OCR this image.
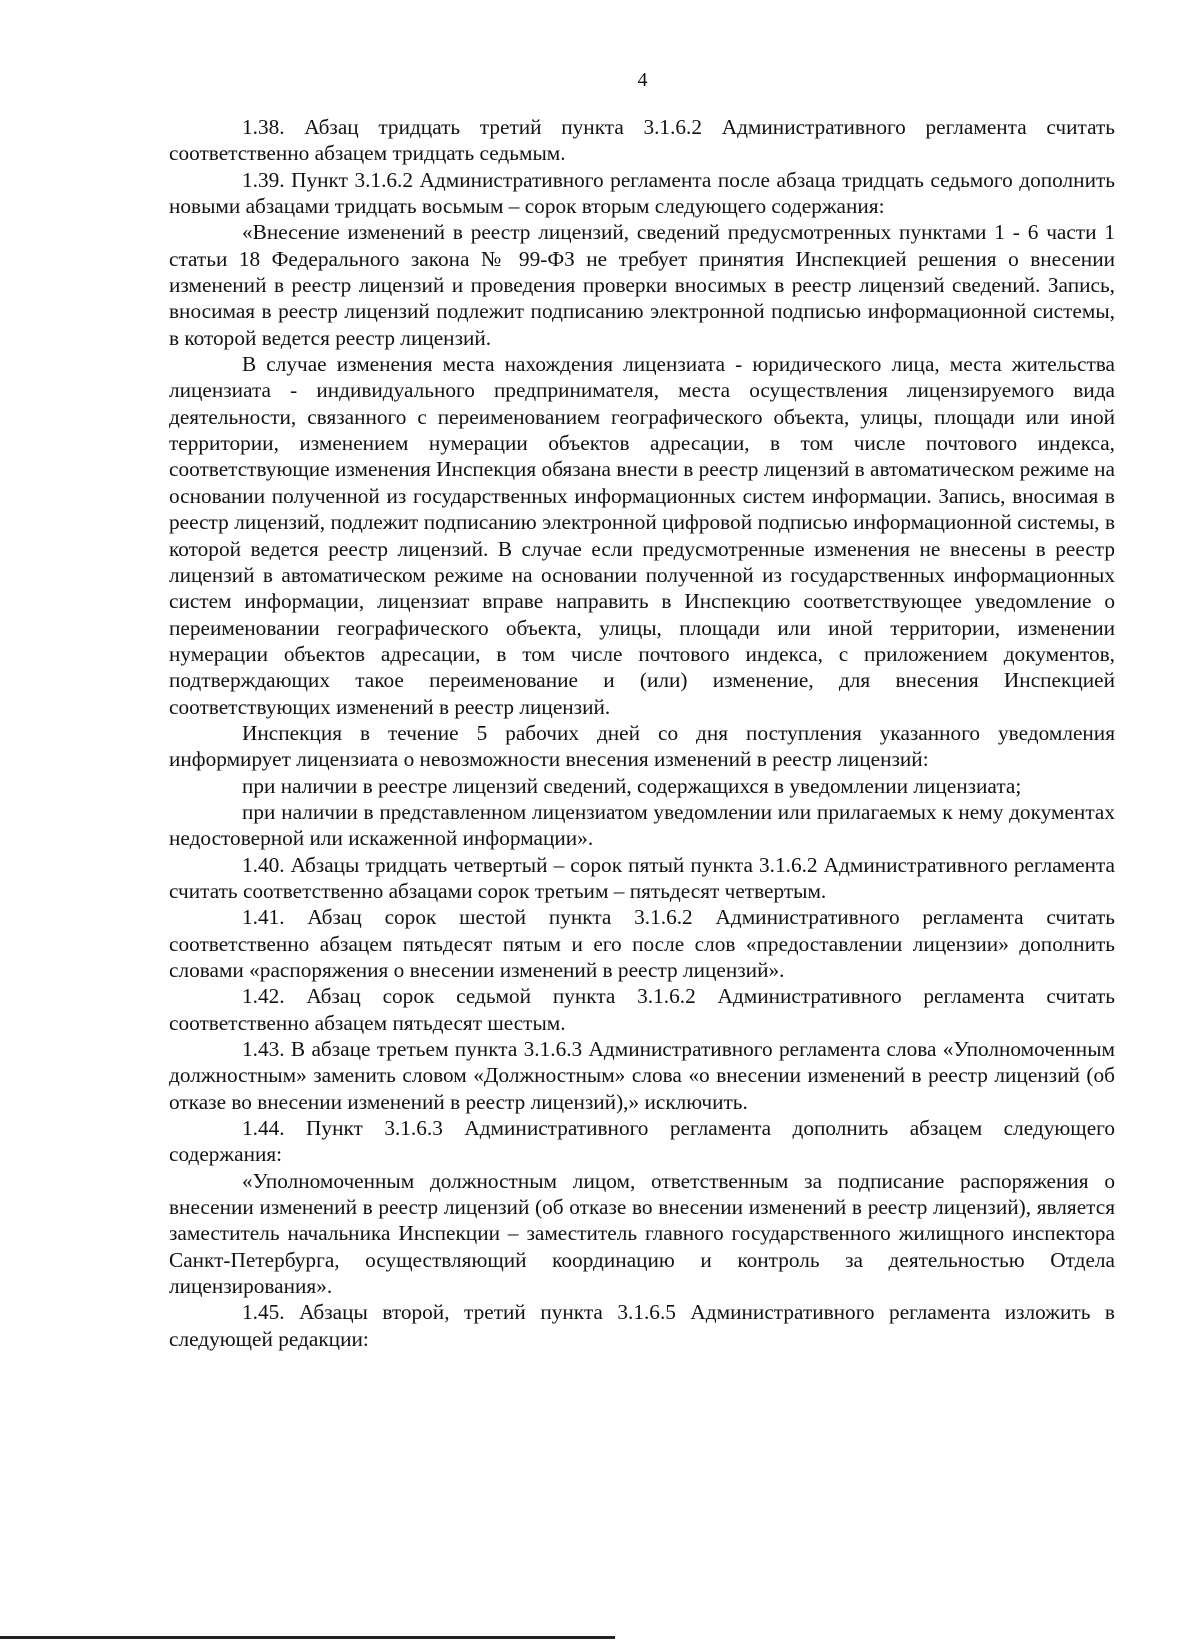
4

1.38. Абзац тридцать третий пункта 3.1.6.2 Административного регламента считать соответственно абзацем тридцать седьмым.

1.39. Пункт 3.1.6.2 Административного регламента после абзаца тридцать седьмого дополнить новыми абзацами тридцать восьмым – сорок вторым следующего содержания:

«Внесение изменений в реестр лицензий, сведений предусмотренных пунктами 1 - 6 части 1 статьи 18 Федерального закона № 99-ФЗ не требует принятия Инспекцией решения о внесении изменений в реестр лицензий и проведения проверки вносимых в реестр лицензий сведений. Запись, вносимая в реестр лицензий подлежит подписанию электронной подписью информационной системы, в которой ведется реестр лицензий.

В случае изменения места нахождения лицензиата - юридического лица, места жительства лицензиата - индивидуального предпринимателя, места осуществления лицензируемого вида деятельности, связанного с переименованием географического объекта, улицы, площади или иной территории, изменением нумерации объектов адресации, в том числе почтового индекса, соответствующие изменения Инспекция обязана внести в реестр лицензий в автоматическом режиме на основании полученной из государственных информационных систем информации. Запись, вносимая в реестр лицензий, подлежит подписанию электронной цифровой подписью информационной системы, в которой ведется реестр лицензий. В случае если предусмотренные изменения не внесены в реестр лицензий в автоматическом режиме на основании полученной из государственных информационных систем информации, лицензиат вправе направить в Инспекцию соответствующее уведомление о переименовании географического объекта, улицы, площади или иной территории, изменении нумерации объектов адресации, в том числе почтового индекса, с приложением документов, подтверждающих такое переименование и (или) изменение, для внесения Инспекцией соответствующих изменений в реестр лицензий.

Инспекция в течение 5 рабочих дней со дня поступления указанного уведомления информирует лицензиата о невозможности внесения изменений в реестр лицензий:

при наличии в реестре лицензий сведений, содержащихся в уведомлении лицензиата;

при наличии в представленном лицензиатом уведомлении или прилагаемых к нему документах недостоверной или искаженной информации».

1.40. Абзацы тридцать четвертый – сорок пятый пункта 3.1.6.2 Административного регламента считать соответственно абзацами сорок третьим – пятьдесят четвертым.

1.41. Абзац сорок шестой пункта 3.1.6.2 Административного регламента считать соответственно абзацем пятьдесят пятым и его после слов «предоставлении лицензии» дополнить словами «распоряжения о внесении изменений в реестр лицензий».

1.42. Абзац сорок седьмой пункта 3.1.6.2 Административного регламента считать соответственно абзацем пятьдесят шестым.

1.43. В абзаце третьем пункта 3.1.6.3 Административного регламента слова «Уполномоченным должностным» заменить словом «Должностным» слова «о внесении изменений в реестр лицензий (об отказе во внесении изменений в реестр лицензий),» исключить.

1.44. Пункт 3.1.6.3 Административного регламента дополнить абзацем следующего содержания:

«Уполномоченным должностным лицом, ответственным за подписание распоряжения о внесении изменений в реестр лицензий (об отказе во внесении изменений в реестр лицензий), является заместитель начальника Инспекции – заместитель главного государственного жилищного инспектора Санкт-Петербурга, осуществляющий координацию и контроль за деятельностью Отдела лицензирования».

1.45. Абзацы второй, третий пункта 3.1.6.5 Административного регламента изложить в следующей редакции:
